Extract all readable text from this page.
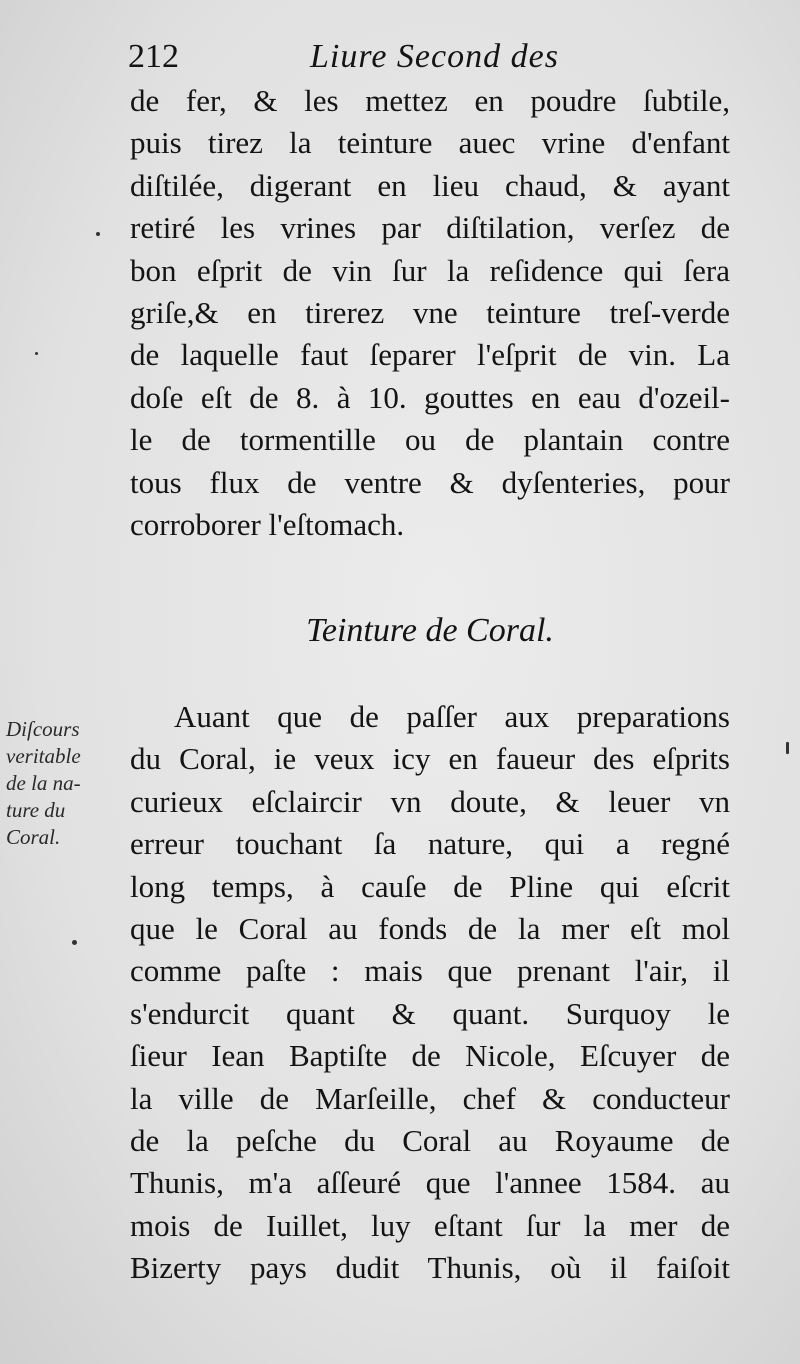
212	Liure Second des
de fer, & les mettez en poudre ſubtile,
puis tirez la teinture auec vrine d'enfant
diſtilée, digerant en lieu chaud, & ayant
retiré les vrines par diſtilation, verſez de
bon eſprit de vin ſur la reſidence qui ſera
griſe,& en tirerez vne teinture treſ-verde
de laquelle faut ſeparer l'eſprit de vin. La
doſe eſt de 8. à 10. gouttes en eau d'ozeil-
le de tormentille ou de plantain contre
tous flux de ventre & dyſenteries, pour
corroborer l'eſtomach.
Teinture de Coral.
Diſcours
veritable
de la na-
ture du
Coral.
Auant que de paſſer aux preparations
du Coral, ie veux icy en faueur des eſprits
curieux eſclaircir vn doute, & leuer vn
erreur touchant ſa nature, qui a regné
long temps, à cauſe de Pline qui eſcrit
que le Coral au fonds de la mer eſt mol
comme paſte : mais que prenant l'air, il
s'endurcit quant & quant. Surquoy le
ſieur Iean Baptiſte de Nicole, Eſcuyer de
la ville de Marſeille, chef & conducteur
de la peſche du Coral au Royaume de
Thunis, m'a aſſeuré que l'annee 1584. au
mois de Iuillet, luy eſtant ſur la mer de
Bizerty pays dudit Thunis, où il faiſoit
